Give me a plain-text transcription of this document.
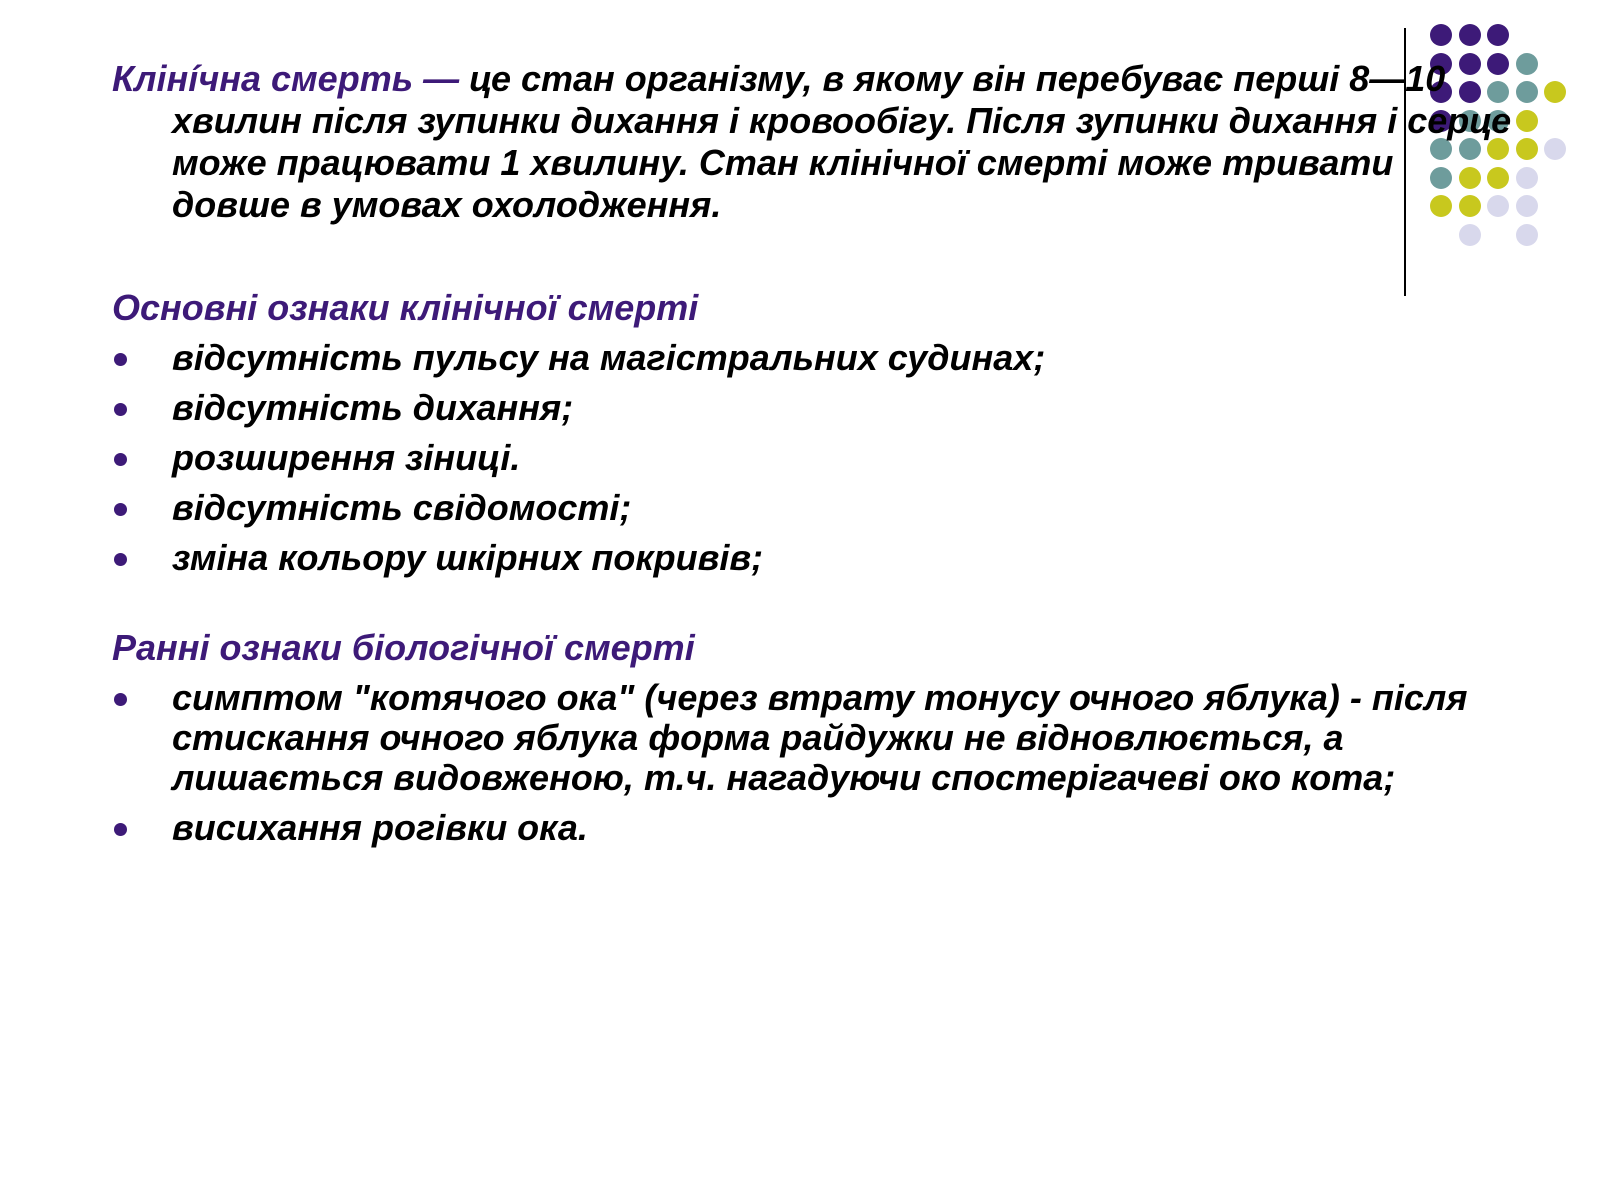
Клiнíчна смерть — це стан організму, в якому він перебуває перші 8—10 хвилин після зупинки дихання і кровообігу. Після зупинки дихання і серце може працювати 1 хвилину. Стан клінічної смерті може тривати довше в умовах охолодження.

Основні ознаки клінічної смерті

відсутність пульсу на магістральних судинах;
відсутність дихання;
розширення зіниці.
відсутність свідомості;
зміна кольору шкірних покривів;

Ранні ознаки біологічної смерті

симптом "котячого ока" (через втрату тонусу очного яблука) - після стискання очного яблука форма райдужки не відновлюється, а лишається видовженою, т.ч. нагадуючи спостерігачеві око кота;
висихання рогівки ока.
